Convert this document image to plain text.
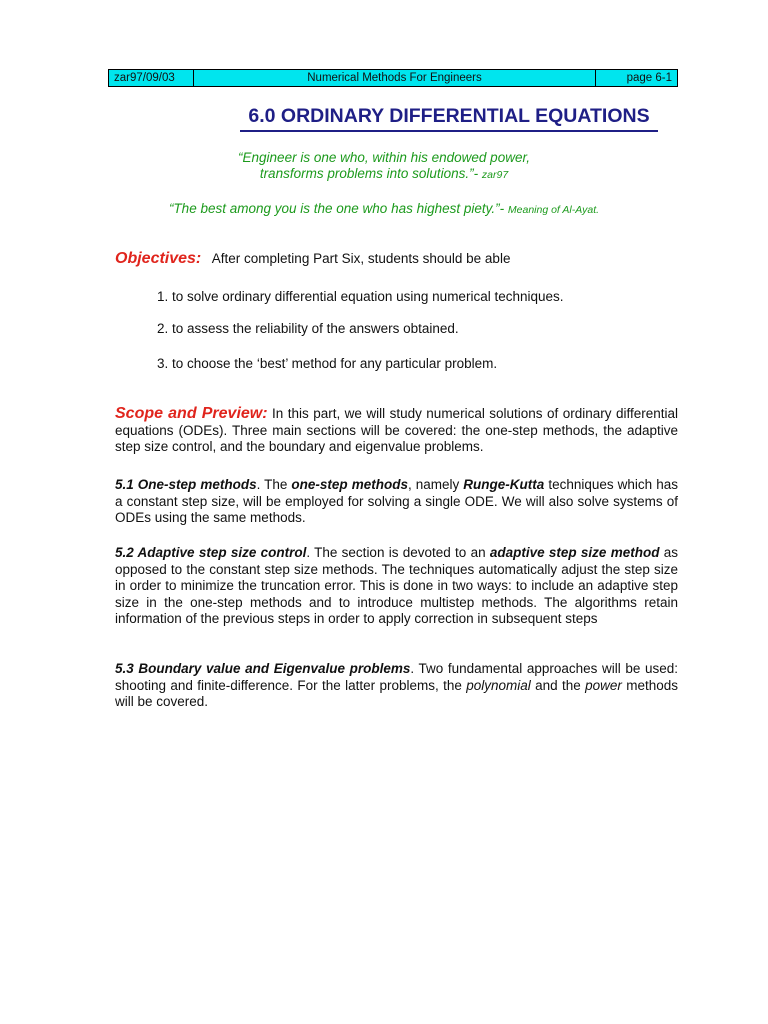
zar97/09/03	Numerical Methods For Engineers	page 6-1
6.0 ORDINARY DIFFERENTIAL EQUATIONS
“Engineer is one who, within his endowed power,
transforms problems into solutions.”- zar97
“The best among you is the one who has highest piety.”- Meaning of Al-Ayat.
Objectives: After completing Part Six, students should be able
1. to solve ordinary differential equation using numerical techniques.
2. to assess the reliability of the answers obtained.
3. to choose the ‘best’ method for any particular problem.
Scope and Preview: In this part, we will study numerical solutions of ordinary differential equations (ODEs). Three main sections will be covered: the one-step methods, the adaptive step size control, and the boundary and eigenvalue problems.
5.1 One-step methods. The one-step methods, namely Runge-Kutta techniques which has a constant step size, will be employed for solving a single ODE. We will also solve systems of ODEs using the same methods.
5.2 Adaptive step size control. The section is devoted to an adaptive step size method as opposed to the constant step size methods. The techniques automatically adjust the step size in order to minimize the truncation error. This is done in two ways: to include an adaptive step size in the one-step methods and to introduce multistep methods. The algorithms retain information of the previous steps in order to apply correction in subsequent steps
5.3 Boundary value and Eigenvalue problems. Two fundamental approaches will be used: shooting and finite-difference. For the latter problems, the polynomial and the power methods will be covered.
